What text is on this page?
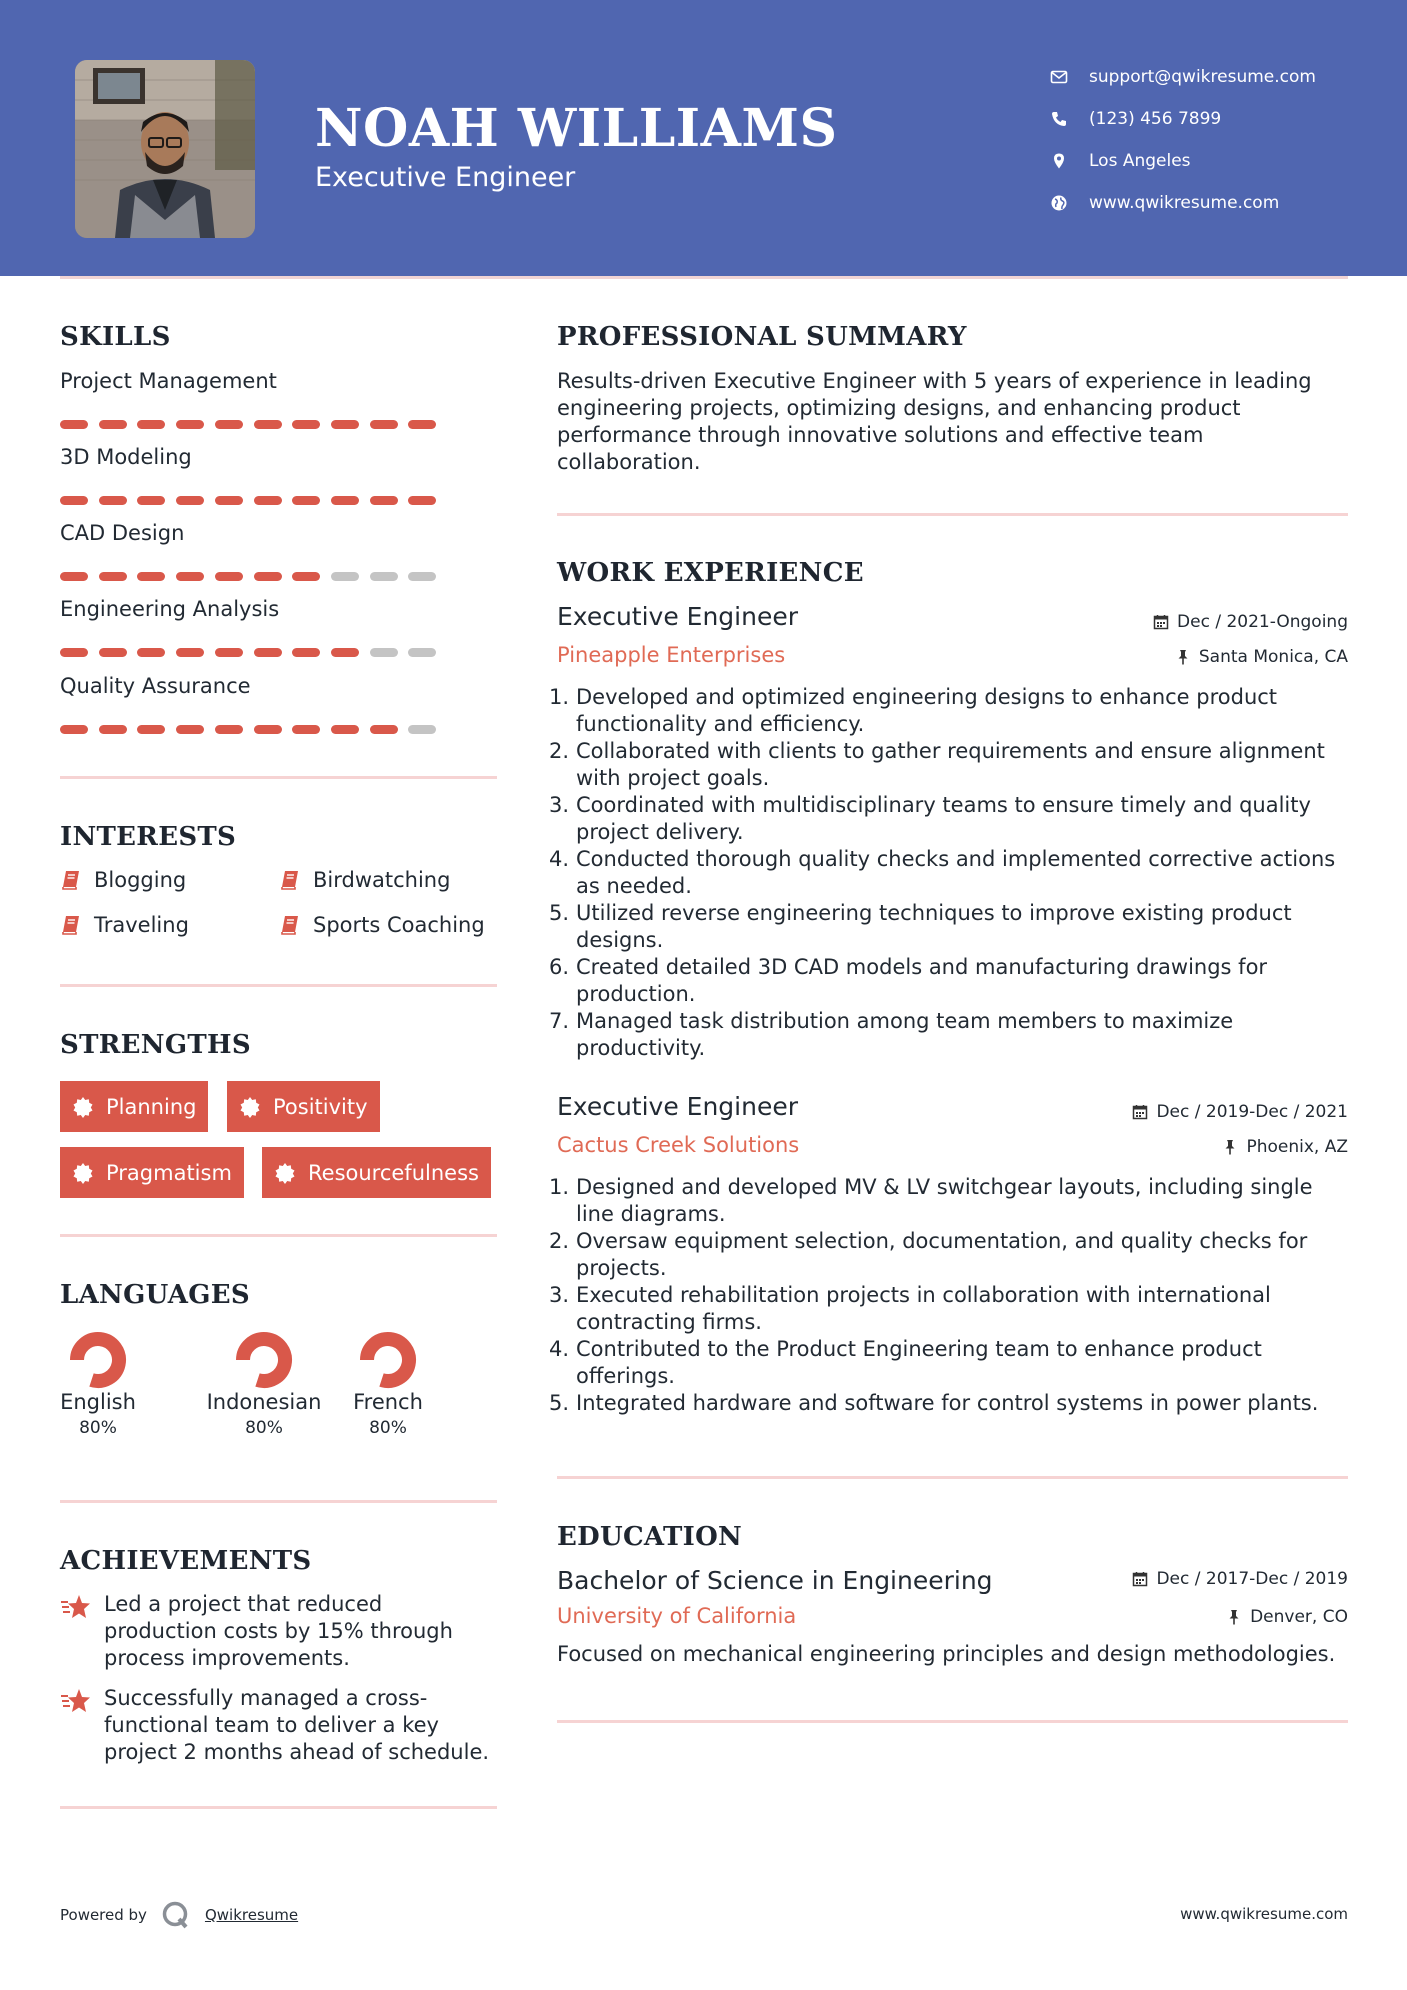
NOAH WILLIAMS
Executive Engineer
support@qwikresume.com
(123) 456 7899
Los Angeles
www.qwikresume.com
SKILLS
Project Management
3D Modeling
CAD Design
Engineering Analysis
Quality Assurance
INTERESTS
Blogging	Birdwatching
Traveling	Sports Coaching
STRENGTHS
Planning	Positivity
Pragmatism	Resourcefulness
LANGUAGES
English
80%
Indonesian
80%
French
80%
ACHIEVEMENTS
Led a project that reduced production costs by 15% through process improvements.
Successfully managed a cross-functional team to deliver a key project 2 months ahead of schedule.
PROFESSIONAL SUMMARY
Results-driven Executive Engineer with 5 years of experience in leading engineering projects, optimizing designs, and enhancing product performance through innovative solutions and effective team collaboration.
WORK EXPERIENCE
Executive Engineer	Dec / 2021-Ongoing
Pineapple Enterprises	Santa Monica, CA
1. Developed and optimized engineering designs to enhance product functionality and efficiency.
2. Collaborated with clients to gather requirements and ensure alignment with project goals.
3. Coordinated with multidisciplinary teams to ensure timely and quality project delivery.
4. Conducted thorough quality checks and implemented corrective actions as needed.
5. Utilized reverse engineering techniques to improve existing product designs.
6. Created detailed 3D CAD models and manufacturing drawings for production.
7. Managed task distribution among team members to maximize productivity.
Executive Engineer	Dec / 2019-Dec / 2021
Cactus Creek Solutions	Phoenix, AZ
1. Designed and developed MV & LV switchgear layouts, including single line diagrams.
2. Oversaw equipment selection, documentation, and quality checks for projects.
3. Executed rehabilitation projects in collaboration with international contracting firms.
4. Contributed to the Product Engineering team to enhance product offerings.
5. Integrated hardware and software for control systems in power plants.
EDUCATION
Bachelor of Science in Engineering	Dec / 2017-Dec / 2019
University of California	Denver, CO
Focused on mechanical engineering principles and design methodologies.
Powered by	Qwikresume	www.qwikresume.com
